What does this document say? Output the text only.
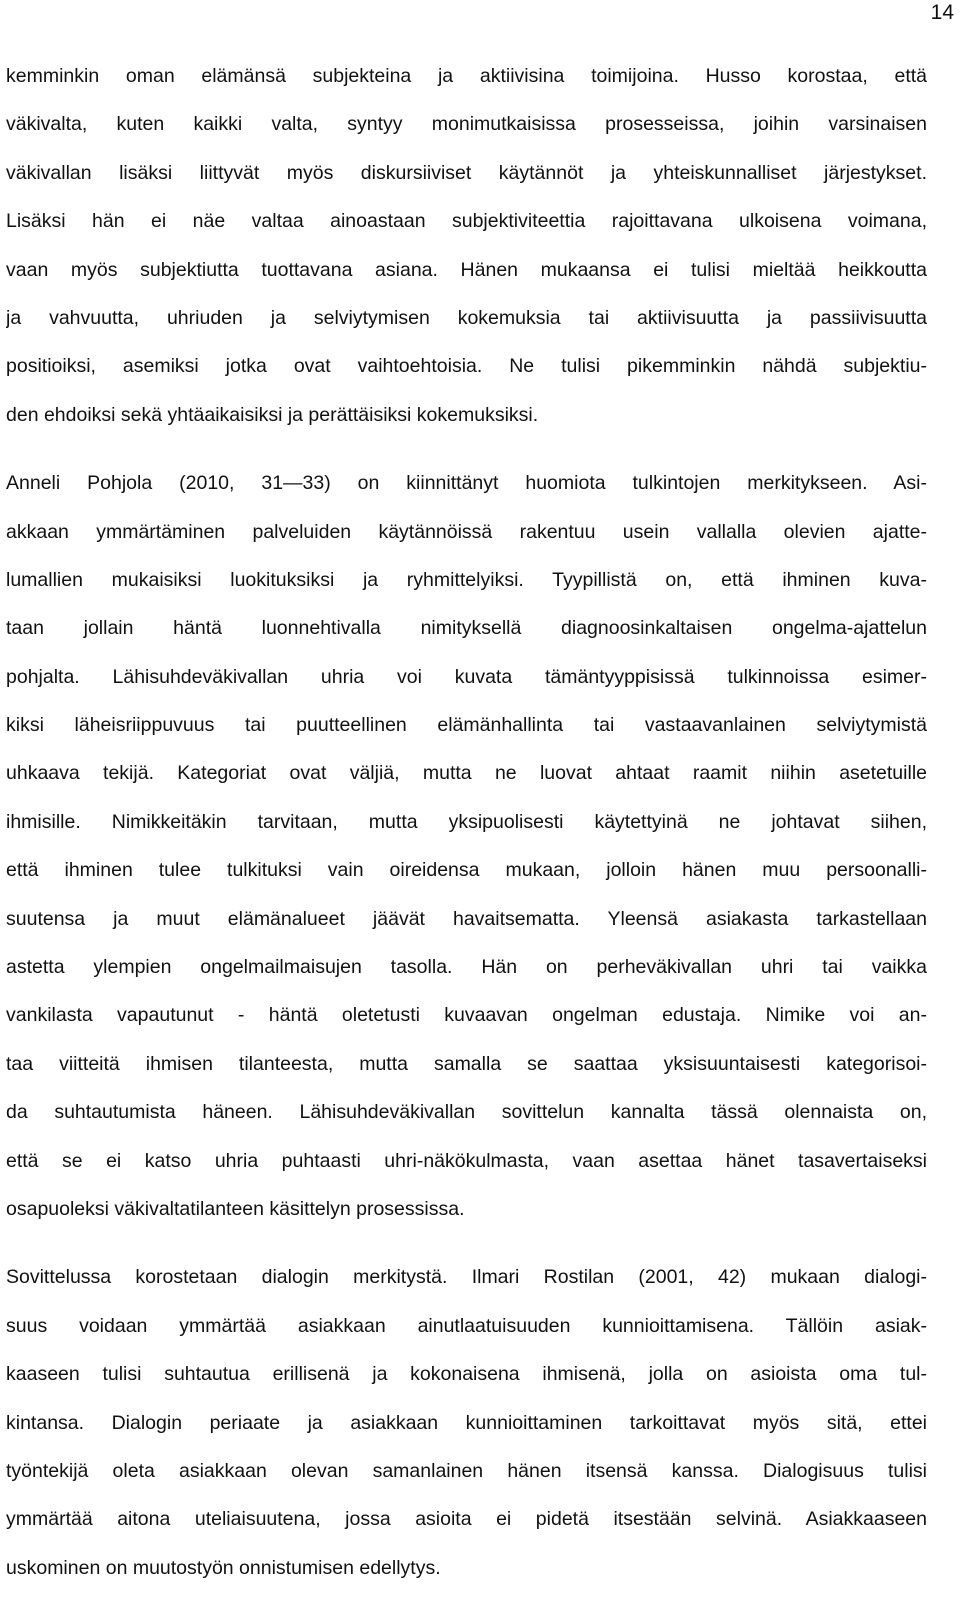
14
kemminkin oman elämänsä subjekteina ja aktiivisina toimijoina. Husso korostaa, että
väkivalta, kuten kaikki valta, syntyy monimutkaisissa prosesseissa, joihin varsinaisen
väkivallan lisäksi liittyvät myös diskursiiviset käytännöt ja yhteiskunnalliset järjestykset.
Lisäksi hän ei näe valtaa ainoastaan subjektiviteettia rajoittavana ulkoisena voimana,
vaan myös subjektiutta tuottavana asiana. Hänen mukaansa ei tulisi mieltää heikkoutta
ja vahvuutta, uhriuden ja selviytymisen kokemuksia tai aktiivisuutta ja passiivisuutta
positioiksi, asemiksi jotka ovat vaihtoehtoisia. Ne tulisi pikemminkin nähdä subjektiu-
den ehdoiksi sekä yhtäaikaisiksi ja perättäisiksi kokemuksiksi.
Anneli Pohjola (2010, 31—33) on kiinnittänyt huomiota tulkintojen merkitykseen. Asi-
akkaan ymmärtäminen palveluiden käytännöissä rakentuu usein vallalla olevien ajatte-
lumallien mukaisiksi luokituksiksi ja ryhmittelyiksi. Tyypillistä on, että ihminen kuva-
taan jollain häntä luonnehtivalla nimityksellä diagnoosinkaltaisen ongelma-ajattelun
pohjalta. Lähisuhdeväkivallan uhria voi kuvata tämäntyyppisissä tulkinnoissa esimer-
kiksi läheisriippuvuus tai puutteellinen elämänhallinta tai vastaavanlainen selviytymistä
uhkaava tekijä. Kategoriat ovat väljiä, mutta ne luovat ahtaat raamit niihin asetetuille
ihmisille. Nimikkeitäkin tarvitaan, mutta yksipuolisesti käytettyinä ne johtavat siihen,
että ihminen tulee tulkituksi vain oireidensa mukaan, jolloin hänen muu persoonalli-
suutensa ja muut elämänalueet jäävät havaitsematta. Yleensä asiakasta tarkastellaan
astetta ylempien ongelmailmaisujen tasolla. Hän on perheväkivallan uhri tai vaikka
vankilasta vapautunut - häntä oletetusti kuvaavan ongelman edustaja. Nimike voi an-
taa viitteitä ihmisen tilanteesta, mutta samalla se saattaa yksisuuntaisesti kategorisoi-
da suhtautumista häneen. Lähisuhdeväkivallan sovittelun kannalta tässä olennaista on,
että se ei katso uhria puhtaasti uhri-näkökulmasta, vaan asettaa hänet tasavertaiseksi
osapuoleksi väkivaltatilanteen käsittelyn prosessissa.
Sovittelussa korostetaan dialogin merkitystä. Ilmari Rostilan (2001, 42) mukaan dialogi-
suus voidaan ymmärtää asiakkaan ainutlaatuisuuden kunnioittamisena. Tällöin asiak-
kaaseen tulisi suhtautua erillisenä ja kokonaisena ihmisenä, jolla on asioista oma tul-
kintansa. Dialogin periaate ja asiakkaan kunnioittaminen tarkoittavat myös sitä, ettei
työntekijä oleta asiakkaan olevan samanlainen hänen itsensä kanssa. Dialogisuus tulisi
ymmärtää aitona uteliaisuutena, jossa asioita ei pidetä itsestään selvinä. Asiakkaaseen
uskominen on muutostyön onnistumisen edellytys.
